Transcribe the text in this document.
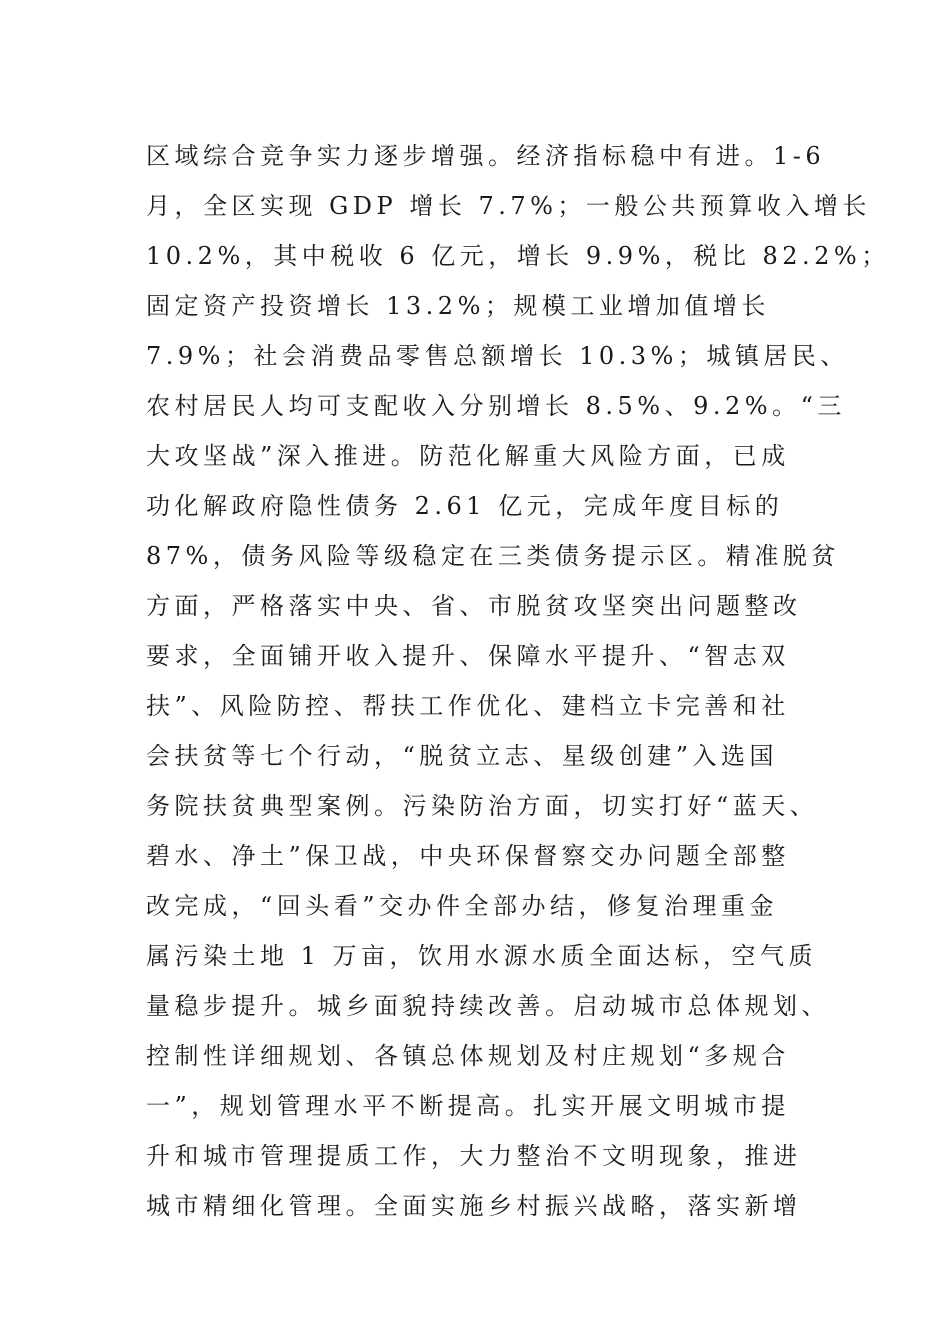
区域综合竞争实力逐步增强。经济指标稳中有进。1-6
月，全区实现 GDP 增长 7.7%；一般公共预算收入增长
10.2%，其中税收 6 亿元，增长 9.9%，税比 82.2%；
固定资产投资增长 13.2%；规模工业增加值增长
7.9%；社会消费品零售总额增长 10.3%；城镇居民、
农村居民人均可支配收入分别增长 8.5%、9.2%。“三
大攻坚战”深入推进。防范化解重大风险方面，已成
功化解政府隐性债务 2.61 亿元，完成年度目标的
87%，债务风险等级稳定在三类债务提示区。精准脱贫
方面，严格落实中央、省、市脱贫攻坚突出问题整改
要求，全面铺开收入提升、保障水平提升、“智志双
扶”、风险防控、帮扶工作优化、建档立卡完善和社
会扶贫等七个行动，“脱贫立志、星级创建”入选国
务院扶贫典型案例。污染防治方面，切实打好“蓝天、
碧水、净土”保卫战，中央环保督察交办问题全部整
改完成，“回头看”交办件全部办结，修复治理重金
属污染土地 1 万亩，饮用水源水质全面达标，空气质
量稳步提升。城乡面貌持续改善。启动城市总体规划、
控制性详细规划、各镇总体规划及村庄规划“多规合
一”，规划管理水平不断提高。扎实开展文明城市提
升和城市管理提质工作，大力整治不文明现象，推进
城市精细化管理。全面实施乡村振兴战略，落实新增
